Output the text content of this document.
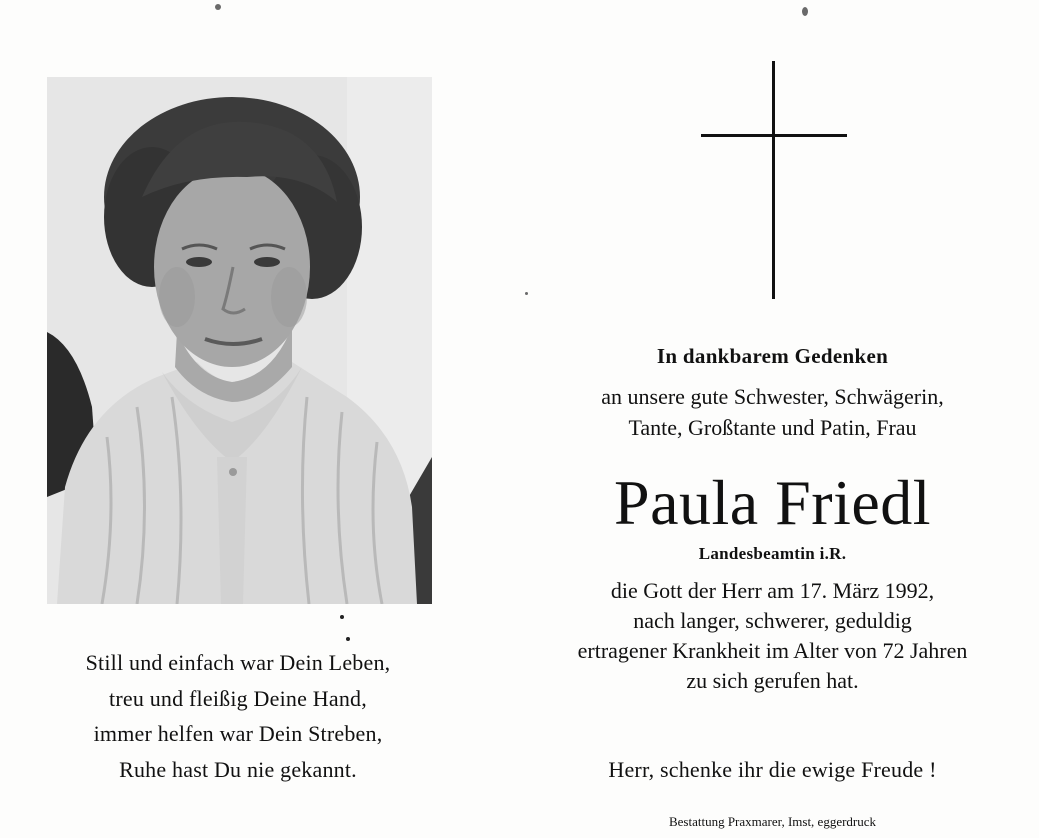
Still und einfach war Dein Leben,
treu und fleißig Deine Hand,
immer helfen war Dein Streben,
Ruhe hast Du nie gekannt.
In dankbarem Gedenken
an unsere gute Schwester, Schwägerin,
Tante, Großtante und Patin, Frau
Paula Friedl
Landesbeamtin i.R.
die Gott der Herr am 17. März 1992,
nach langer, schwerer, geduldig
ertragener Krankheit im Alter von 72 Jahren
zu sich gerufen hat.
Herr, schenke ihr die ewige Freude !
Bestattung Praxmarer, Imst, eggerdruck
